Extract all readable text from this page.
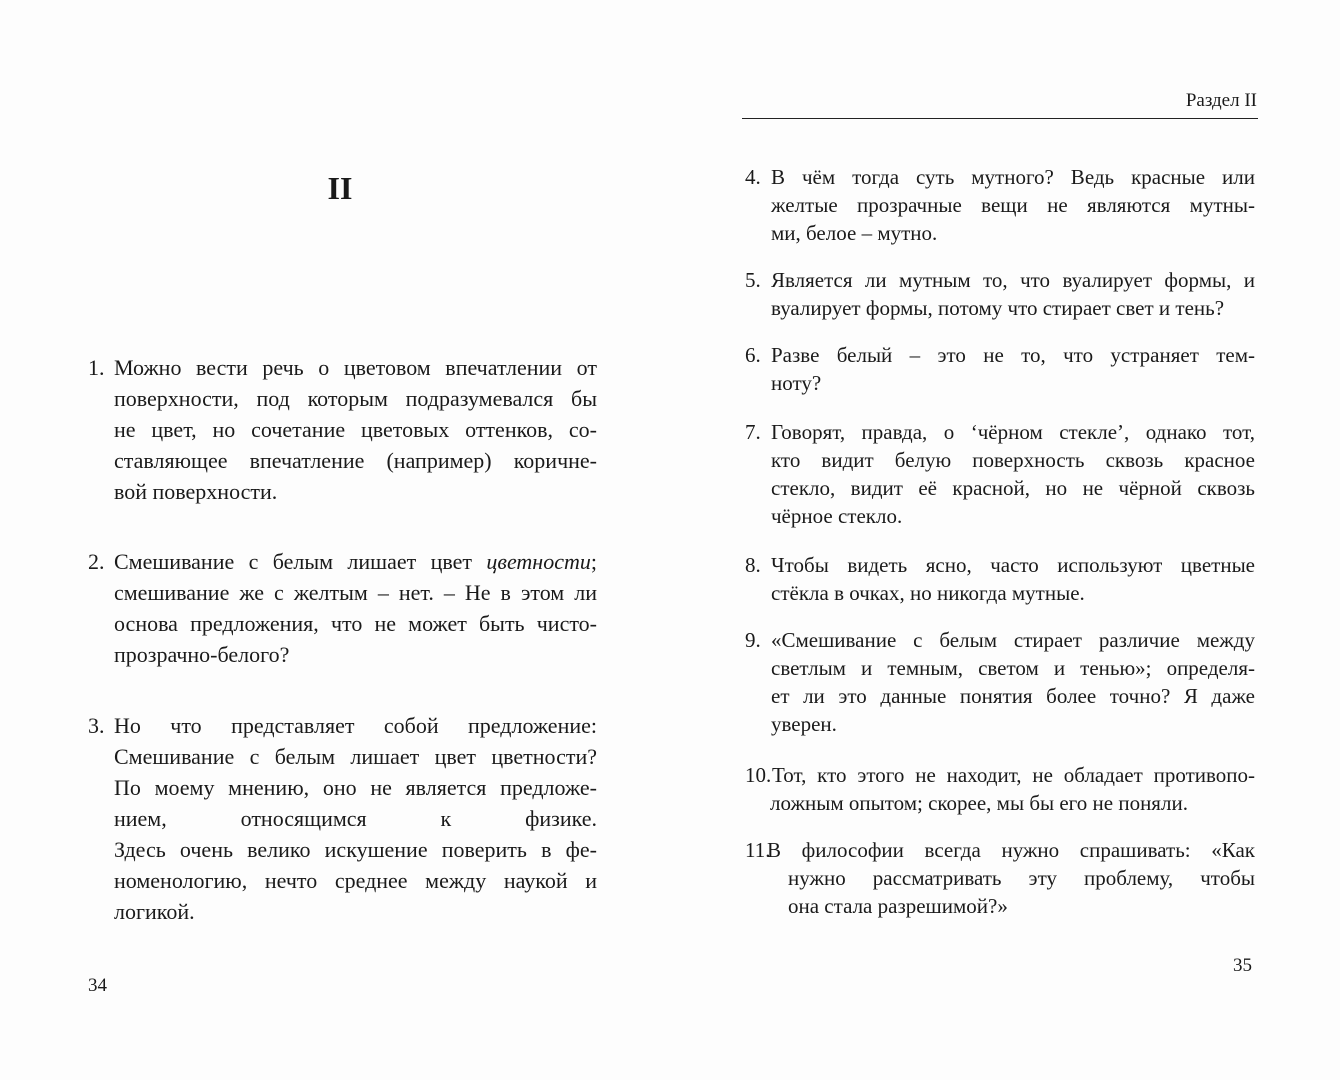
II
1. Можно вести речь о цветовом впечатлении от
поверхности, под которым подразумевался бы
не цвет, но сочетание цветовых оттенков, со-
ставляющее впечатление (например) коричне-
вой поверхности.
2. Смешивание с белым лишает цвет цветности;
смешивание же с желтым – нет. – Не в этом ли
основа предложения, что не может быть чисто-
прозрачно-белого?
3. Но что представляет собой предложение:
Смешивание с белым лишает цвет цветности?
По моему мнению, оно не является предложе-
нием, относящимся к физике.
Здесь очень велико искушение поверить в фе-
номенологию, нечто среднее между наукой и
логикой.
34
Раздел II
4. В чём тогда суть мутного? Ведь красные или
желтые прозрачные вещи не являются мутны-
ми, белое – мутно.
5. Является ли мутным то, что вуалирует формы, и
вуалирует формы, потому что стирает свет и тень?
6. Разве белый – это не то, что устраняет тем-
ноту?
7. Говорят, правда, о ‘чёрном стекле’, однако тот,
кто видит белую поверхность сквозь красное
стекло, видит её красной, но не чёрной сквозь
чёрное стекло.
8. Чтобы видеть ясно, часто используют цветные
стёкла в очках, но никогда мутные.
9. «Смешивание с белым стирает различие между
светлым и темным, светом и тенью»; определя-
ет ли это данные понятия более точно? Я даже
уверен.
10. Тот, кто этого не находит, не обладает противопо-
ложным опытом; скорее, мы бы его не поняли.
11.
В философии всегда нужно спрашивать: «Как
нужно рассматривать эту проблему, чтобы
она стала разрешимой?»
35
